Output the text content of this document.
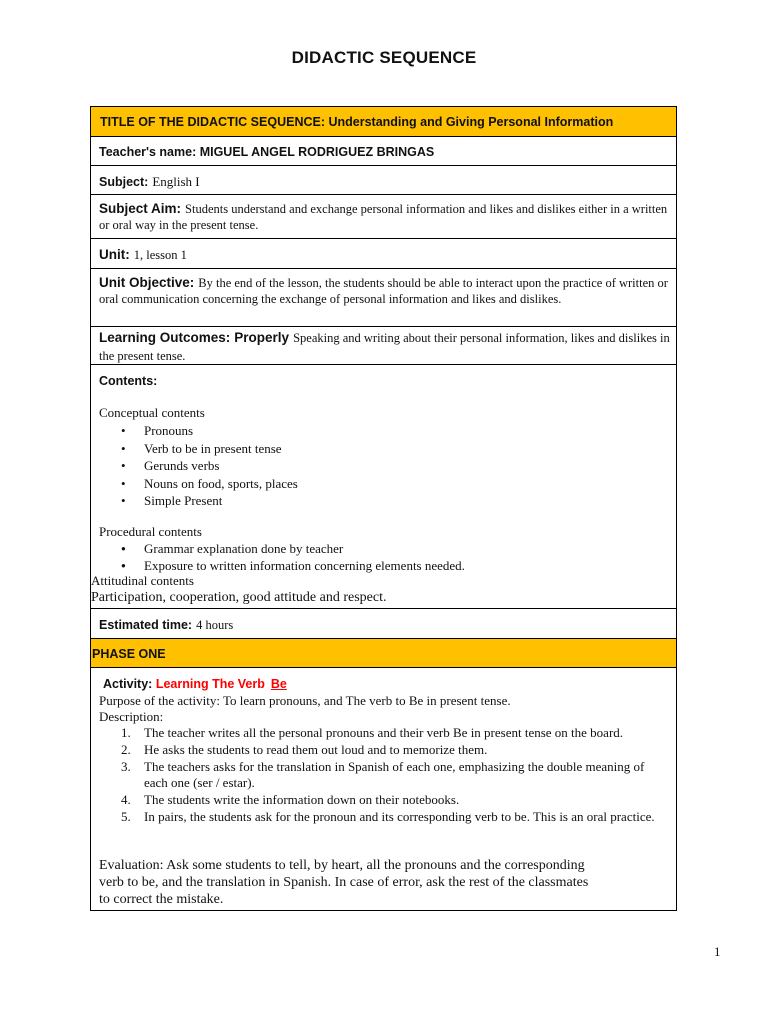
DIDACTIC SEQUENCE
TITLE OF THE DIDACTIC SEQUENCE: Understanding and Giving Personal Information
Teacher's name: MIGUEL ANGEL RODRIGUEZ BRINGAS
Subject: English I
Subject Aim: Students understand and exchange personal information and likes and dislikes either in a written or oral way in the present tense.
Unit: 1, lesson 1
Unit Objective: By the end of the lesson, the students should be able to interact upon the practice of written or oral communication concerning the exchange of personal information and likes and dislikes.
Learning Outcomes: Properly Speaking and writing about their personal information, likes and dislikes in the present tense.
Contents:
Conceptual contents
• Pronouns
• Verb to be in present tense
• Gerunds verbs
• Nouns on food, sports, places
• Simple Present
Procedural contents
● Grammar explanation done by teacher
● Exposure to written information concerning elements needed.
Attitudinal contents
Participation, cooperation, good attitude and respect.
Estimated time: 4 hours
PHASE ONE
Activity: Learning The Verb Be
Purpose of the activity: To learn pronouns, and The verb to Be in present tense.
Description:
1. The teacher writes all the personal pronouns and their verb Be in present tense on the board.
2. He asks the students to read them out loud and to memorize them.
3. The teachers asks for the translation in Spanish of each one, emphasizing the double meaning of each one (ser / estar).
4. The students write the information down on their notebooks.
5. In pairs, the students ask for the pronoun and its corresponding verb to be. This is an oral practice.
Evaluation: Ask some students to tell, by heart, all the pronouns and the corresponding verb to be, and the translation in Spanish. In case of error, ask the rest of the classmates to correct the mistake.
1
